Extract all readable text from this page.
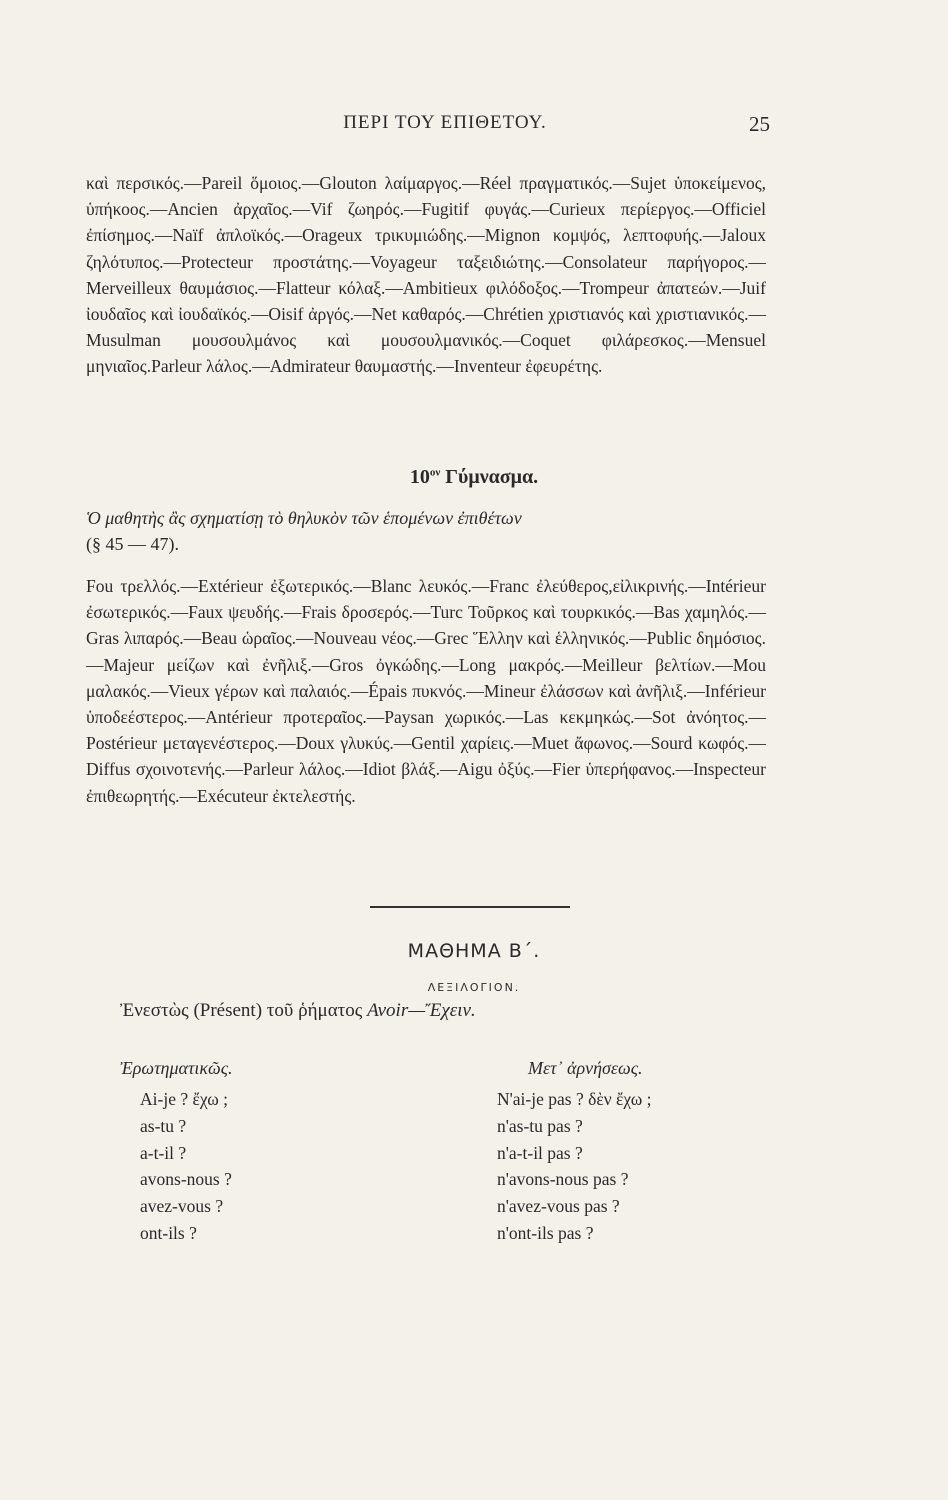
ΠΕΡΙ ΤΟΥ ΕΠΙΘΕΤΟΥ.	25

καὶ περσικός.—Pareil ὅμοιος.—Glouton λαίμαργος.—Réel πραγματικός.—Sujet ὑποκείμενος, ὑπήκοος.—Ancien ἀρχαῖος.—Vif ζωηρός.—Fugitif φυγάς.—Curieux περίεργος.—Officiel ἐπίσημος.—Naïf ἀπλοϊκός.—Orageux τρικυμιώδης.—Mignon κομψός, λεπτοφυής.—Jaloux ζηλότυπος.—Protecteur προστάτης.—Voyageur ταξειδιώτης.—Consolateur παρήγορος.—Merveilleux θαυμάσιος.—Flatteur κόλαξ.—Ambitieux φιλόδοξος.—Trompeur ἀπατεών.—Juif ἰουδαῖος καὶ ἰουδαϊκός.—Oisif ἀργός.—Net καθαρός.—Chrétien χριστιανός καὶ χριστιανικός.—Musulman μουσουλμάνος καὶ μουσουλμανικός.—Coquet φιλάρεσκος.—Mensuel μηνιαῖος.Parleur λάλος.—Admirateur θαυμαστής.—Inventeur ἐφευρέτης.

$10^{o\nu}$ Γύμνασμα.

Ὁ μαθητὴς ἂς σχηματίσῃ τὸ θηλυκὸν τῶν ἑπομένων ἐπιθέτων
(§ 45 — 47).

Fou τρελλός.—Extérieur ἐξωτερικός.—Blanc λευκός.—Franc ἐλεύθερος,εἰλικρινής.—Intérieur ἐσωτερικός.—Faux ψευδής.—Frais δροσερός.—Turc Τοῦρκος καὶ τουρκικός.—Bas χαμηλός.—Gras λιπαρός.—Beau ὡραῖος.—Nouveau νέος.—Grec Ἕλλην καὶ ἑλληνικός.—Public δημόσιος.—Majeur μείζων καὶ ἐνῆλιξ.—Gros ὀγκώδης.—Long μακρός.—Meilleur βελτίων.—Mou μαλακός.—Vieux γέρων καὶ παλαιός.—Épais πυκνός.—Mineur ἐλάσσων καὶ ἀνῆλιξ.—Inférieur ὑποδεέστερος.—Antérieur προτεραῖος.—Paysan χωρικός.—Las κεκμηκώς.—Sot ἀνόητος.—Postérieur μεταγενέστερος.—Doux γλυκύς.—Gentil χαρίεις.—Muet ἄφωνος.—Sourd κωφός.—Diffus σχοινοτενής.—Parleur λάλος.—Idiot βλάξ.—Aigu ὀξύς.—Fier ὑπερήφανος.—Inspecteur ἐπιθεωρητής.—Exécuteur ἐκτελεστής.

ΜΑΘΗΜΑ Β΄.
ΛΕΞΙΛΟΓΙΟΝ.
Ἐνεστὼς (Présent) τοῦ ῥήματος Avoir—Ἔχειν.
Ἐρωτηματικῶς.	Μετ᾽ ἀρνήσεως.
Ai-je ? ἔχω ;
as-tu ?
a-t-il ?
avons-nous ?
avez-vous ?
ont-ils ?
N'ai-je pas ? δὲν ἔχω ;
n'as-tu pas ?
n'a-t-il pas ?
n'avons-nous pas ?
n'avez-vous pas ?
n'ont-ils pas ?
